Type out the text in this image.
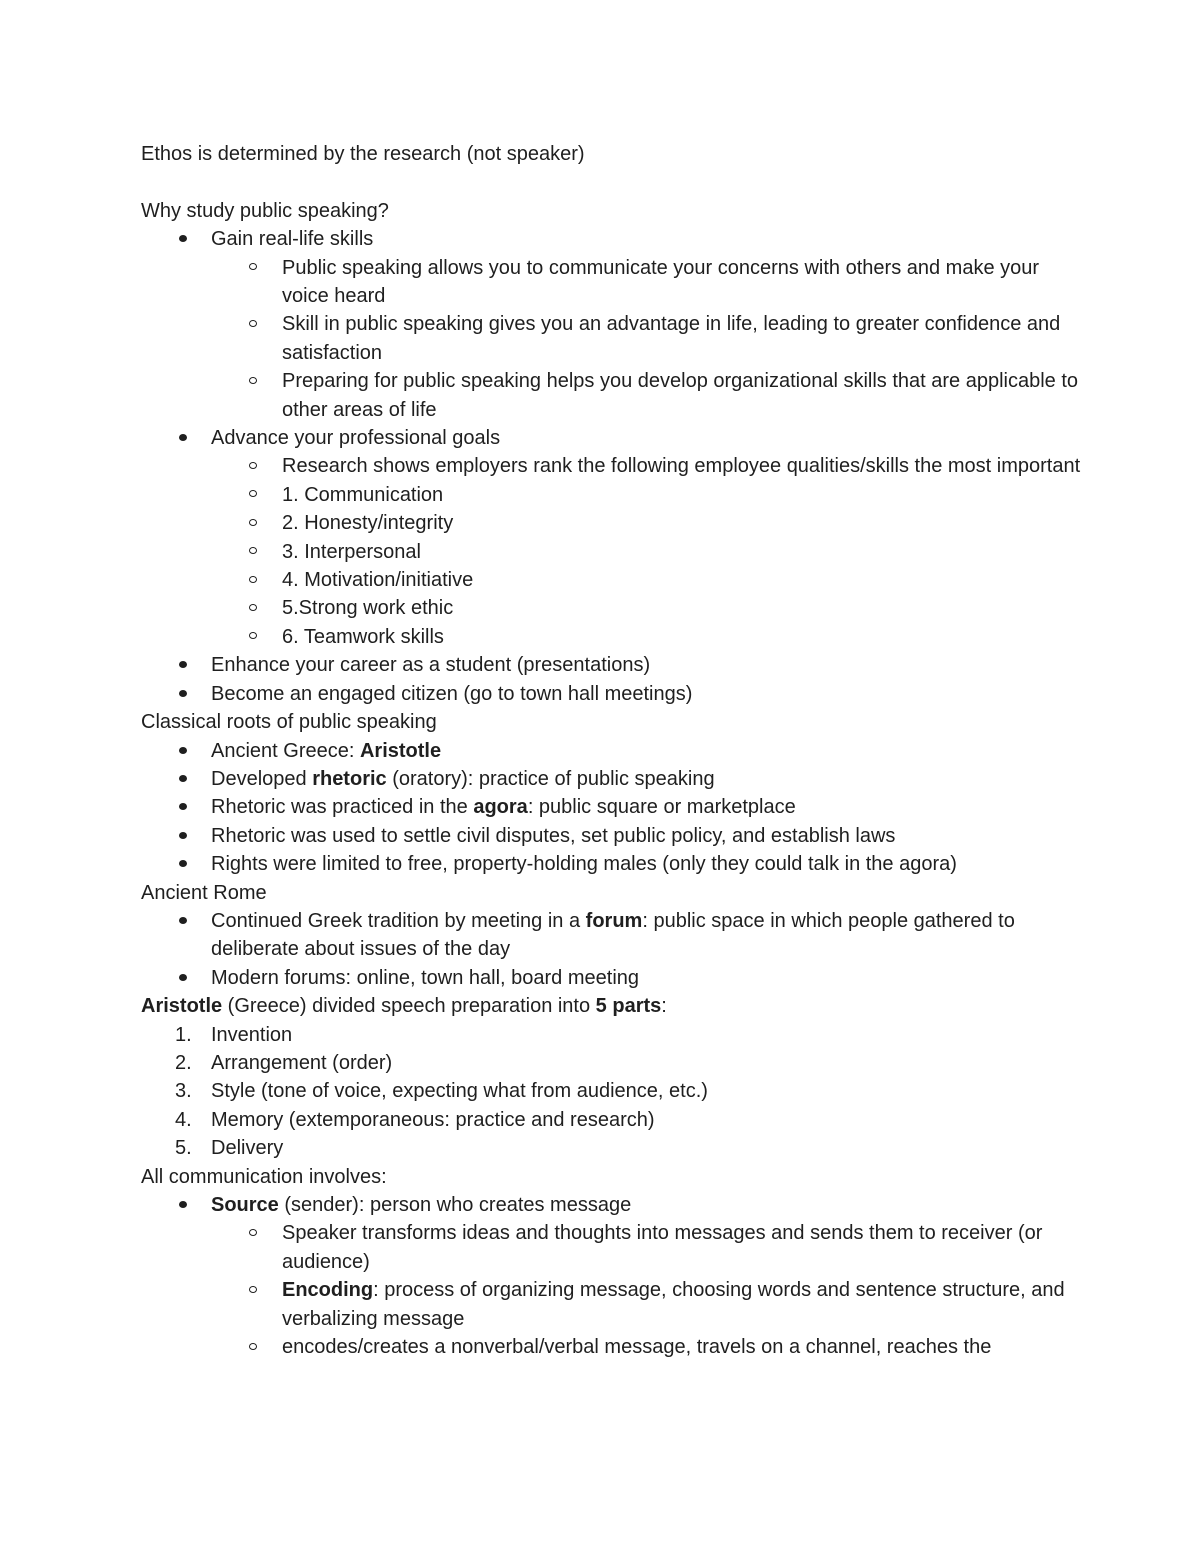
Ethos is determined by the research (not speaker)

Why study public speaking?

Gain real-life skills
Public speaking allows you to communicate your concerns with others and make your voice heard
Skill in public speaking gives you an advantage in life, leading to greater confidence and satisfaction
Preparing for public speaking helps you develop organizational skills that are applicable to other areas of life
Advance your professional goals
Research shows employers rank the following employee qualities/skills the most important
1. Communication
2. Honesty/integrity
3. Interpersonal
4. Motivation/initiative
5.Strong work ethic
6. Teamwork skills
Enhance your career as a student (presentations)
Become an engaged citizen (go to town hall meetings)

Classical roots of public speaking

Ancient Greece: Aristotle
Developed rhetoric (oratory): practice of public speaking
Rhetoric was practiced in the agora: public square or marketplace
Rhetoric was used to settle civil disputes, set public policy, and establish laws
Rights were limited to free, property-holding males (only they could talk in the agora)

Ancient Rome

Continued Greek tradition by meeting in a forum: public space in which people gathered to deliberate about issues of the day
Modern forums: online, town hall, board meeting

Aristotle (Greece) divided speech preparation into 5 parts:

1. Invention
2. Arrangement (order)
3. Style (tone of voice, expecting what from audience, etc.)
4. Memory (extemporaneous: practice and research)
5. Delivery

All communication involves:

Source (sender): person who creates message
Speaker transforms ideas and thoughts into messages and sends them to receiver (or audience)
Encoding: process of organizing message, choosing words and sentence structure, and verbalizing message
encodes/creates a nonverbal/verbal message, travels on a channel, reaches the
